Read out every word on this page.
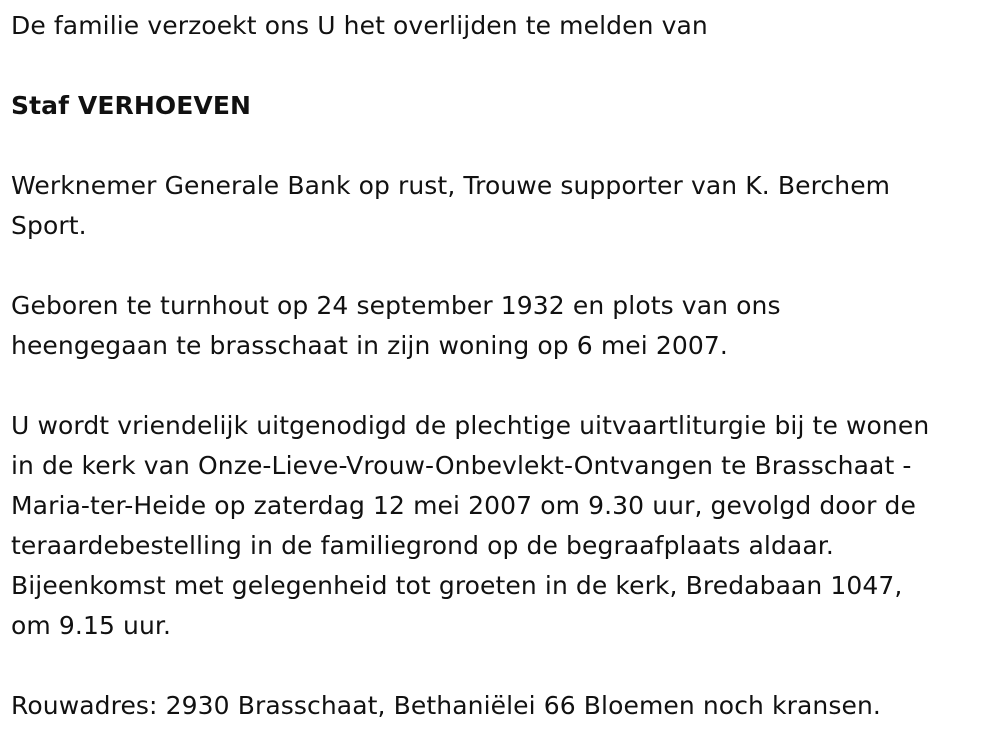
De familie verzoekt ons U het overlijden te melden van

Staf VERHOEVEN

Werknemer Generale Bank op rust, Trouwe supporter van K. Berchem
Sport.

Geboren te turnhout op 24 september 1932 en plots van ons
heengegaan te brasschaat in zijn woning op 6 mei 2007.

U wordt vriendelijk uitgenodigd de plechtige uitvaartliturgie bij te wonen
in de kerk van Onze-Lieve-Vrouw-Onbevlekt-Ontvangen te Brasschaat -
Maria-ter-Heide op zaterdag 12 mei 2007 om 9.30 uur, gevolgd door de
teraardebestelling in de familiegrond op de begraafplaats aldaar.
Bijeenkomst met gelegenheid tot groeten in de kerk, Bredabaan 1047,
om 9.15 uur.

Rouwadres: 2930 Brasschaat, Bethaniëlei 66 Bloemen noch kransen.
